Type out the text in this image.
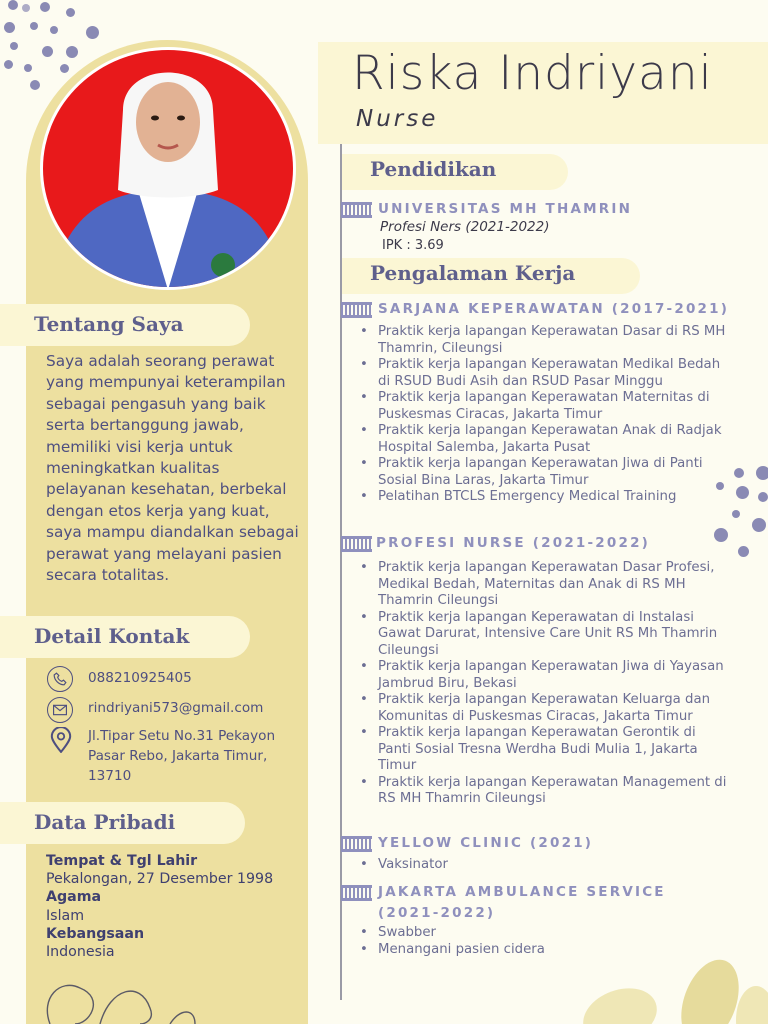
Riska Indriyani
Nurse
Tentang Saya
Saya adalah seorang perawat yang mempunyai keterampilan sebagai pengasuh yang baik serta bertanggung jawab, memiliki visi kerja untuk meningkatkan kualitas pelayanan kesehatan, berbekal dengan etos kerja yang kuat, saya mampu diandalkan sebagai perawat yang melayani pasien secara totalitas.
Detail Kontak
088210925405
rindriyani573@gmail.com
Jl.Tipar Setu No.31 Pekayon Pasar Rebo, Jakarta Timur, 13710
Data Pribadi
Tempat & Tgl Lahir
Pekalongan, 27 Desember 1998
Agama
Islam
Kebangsaan
Indonesia
Pendidikan
UNIVERSITAS MH THAMRIN
Profesi Ners (2021-2022)
IPK : 3.69
Pengalaman Kerja
SARJANA KEPERAWATAN (2017-2021)
• Praktik kerja lapangan Keperawatan Dasar di RS MH Thamrin, Cileungsi
• Praktik kerja lapangan Keperawatan Medikal Bedah di RSUD Budi Asih dan RSUD Pasar Minggu
• Praktik kerja lapangan Keperawatan Maternitas di Puskesmas Ciracas, Jakarta Timur
• Praktik kerja lapangan Keperawatan Anak di Radjak Hospital Salemba, Jakarta Pusat
• Praktik kerja lapangan Keperawatan Jiwa di Panti Sosial Bina Laras, Jakarta Timur
• Pelatihan BTCLS Emergency Medical Training
PROFESI NURSE (2021-2022)
• Praktik kerja lapangan Keperawatan Dasar Profesi, Medikal Bedah, Maternitas dan Anak di RS MH Thamrin Cileungsi
• Praktik kerja lapangan Keperawatan di Instalasi Gawat Darurat, Intensive Care Unit RS Mh Thamrin Cileungsi
• Praktik kerja lapangan Keperawatan Jiwa di Yayasan Jambrud Biru, Bekasi
• Praktik kerja lapangan Keperawatan Keluarga dan Komunitas di Puskesmas Ciracas, Jakarta Timur
• Praktik kerja lapangan Keperawatan Gerontik di Panti Sosial Tresna Werdha Budi Mulia 1, Jakarta Timur
• Praktik kerja lapangan Keperawatan Management di RS MH Thamrin Cileungsi
YELLOW CLINIC (2021)
• Vaksinator
JAKARTA AMBULANCE SERVICE
(2021-2022)
• Swabber
• Menangani pasien cidera
